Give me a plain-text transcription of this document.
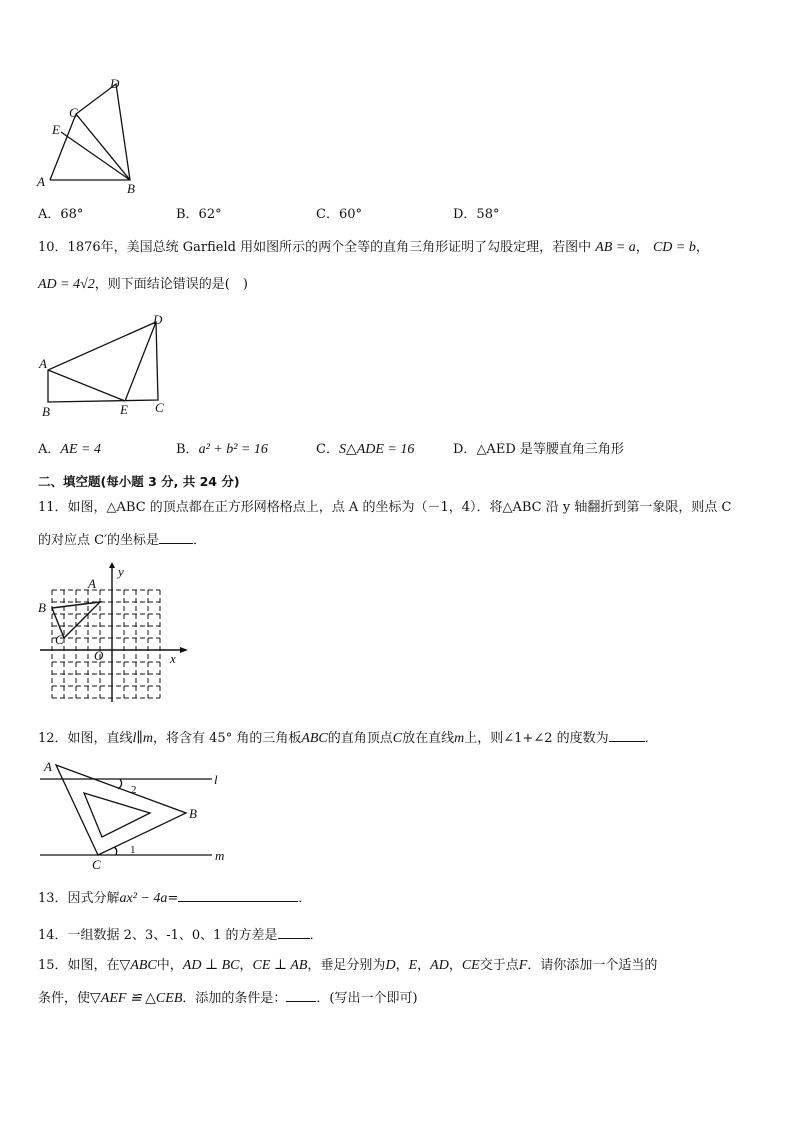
D
C
E
A	B
A．68°	B．62°	C．60°	D．58°
10．1876年，美国总统 Garfield 用如图所示的两个全等的直角三角形证明了勾股定理，若图中 AB = a， CD = b，
AD = 4√2，则下面结论错误的是(　)
A
B	E C
D
A．AE = 4	B．a² + b² = 16	C．S△ADE = 16	D．△AED 是等腰直角三角形
二、填空题(每小题 3 分, 共 24 分)
11．如图，△ABC 的顶点都在正方形网格格点上，点 A 的坐标为（－1，4）．将△ABC 沿 y 轴翻折到第一象限，则点 C
的对应点 C′的坐标是	．
A
B
C
O	x
y
12．如图，直线l∥m，将含有 45° 角的三角板ABC的直角顶点C放在直线m上，则∠1+∠2 的度数为	．
A
B
C
l
m
1
2
13．因式分解ax² − 4a=	．
14．一组数据 2、3、-1、0、1 的方差是 ．
15．如图，在▽ABC中，AD ⊥ BC，CE ⊥ AB，垂足分别为D，E，AD，CE交于点F．请你添加一个适当的
条件，使▽AEF ≌ △CEB．添加的条件是： ．(写出一个即可)
